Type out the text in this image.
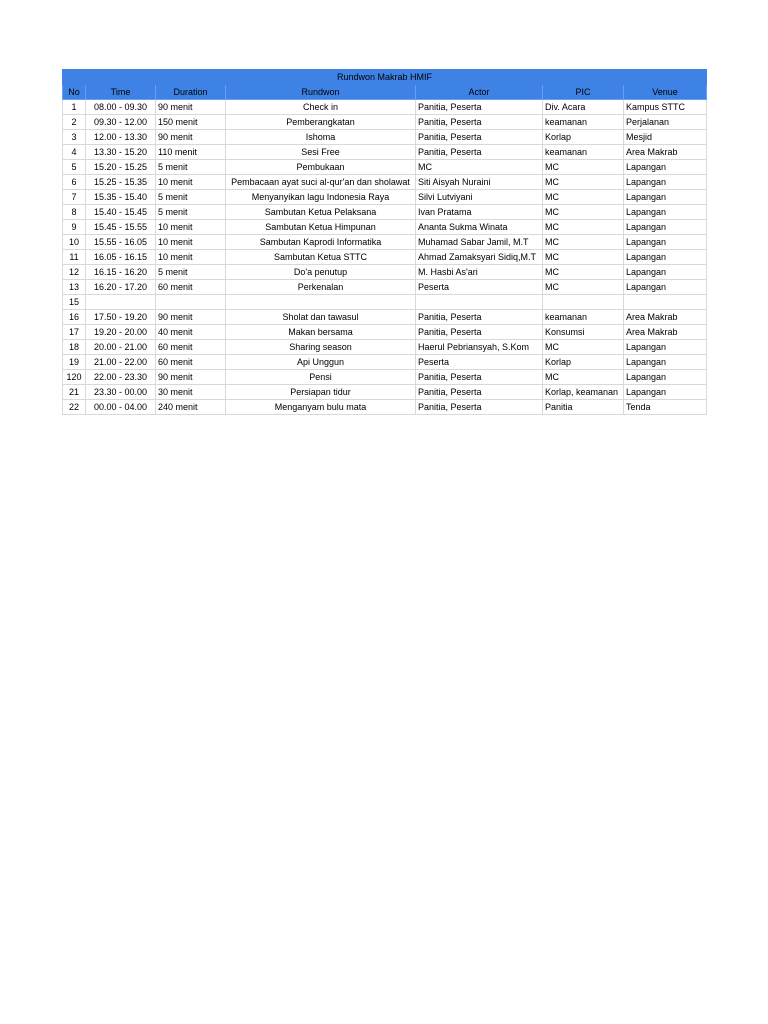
Rundwon Makrab HMIF						
No	Time	Duration	Rundwon	Actor	PIC	Venue
1	08.00 - 09.30	90 menit	Check in	Panitia, Peserta	Div. Acara	Kampus STTC
2	09.30 - 12.00	150 menit	Pemberangkatan	Panitia, Peserta	keamanan	Perjalanan
3	12.00 - 13.30	90 menit	Ishoma	Panitia, Peserta	Korlap	Mesjid
4	13.30 - 15.20	110 menit	Sesi Free	Panitia, Peserta	keamanan	Area Makrab
5	15.20 - 15.25	5 menit	Pembukaan	MC	MC	Lapangan
6	15.25 - 15.35	10 menit	Pembacaan ayat suci al-qur'an dan sholawat	Siti Aisyah Nuraini	MC	Lapangan
7	15.35 - 15.40	5 menit	Menyanyikan lagu Indonesia Raya	Silvi Lutviyani	MC	Lapangan
8	15.40 - 15.45	5 menit	Sambutan Ketua Pelaksana	Ivan Pratama	MC	Lapangan
9	15.45 - 15.55	10 menit	Sambutan Ketua Himpunan	Ananta Sukma Winata	MC	Lapangan
10	15.55 - 16.05	10 menit	Sambutan Kaprodi Informatika	Muhamad Sabar Jamil, M.T	MC	Lapangan
11	16.05 - 16.15	10 menit	Sambutan Ketua STTC	Ahmad Zamaksyari Sidiq,M.T	MC	Lapangan
12	16.15 - 16.20	5 menit	Do'a penutup	M. Hasbi As'ari	MC	Lapangan
13	16.20 - 17.20	60 menit	Perkenalan	Peserta	MC	Lapangan
15						
16	17.50 - 19.20	90 menit	Sholat dan tawasul	Panitia, Peserta	keamanan	Area Makrab
17	19.20 - 20.00	40 menit	Makan bersama	Panitia, Peserta	Konsumsi	Area Makrab
18	20.00 - 21.00	60 menit	Sharing season	Haerul Pebriansyah, S.Kom	MC	Lapangan
19	21.00 - 22.00	60 menit	Api Unggun	Peserta	Korlap	Lapangan
120	22.00 - 23.30	90 menit	Pensi	Panitia, Peserta	MC	Lapangan
21	23.30 - 00.00	30 menit	Persiapan tidur	Panitia, Peserta	Korlap, keamanan	Lapangan
22	00.00 - 04.00	240 menit	Menganyam bulu mata	Panitia, Peserta	Panitia	Tenda
